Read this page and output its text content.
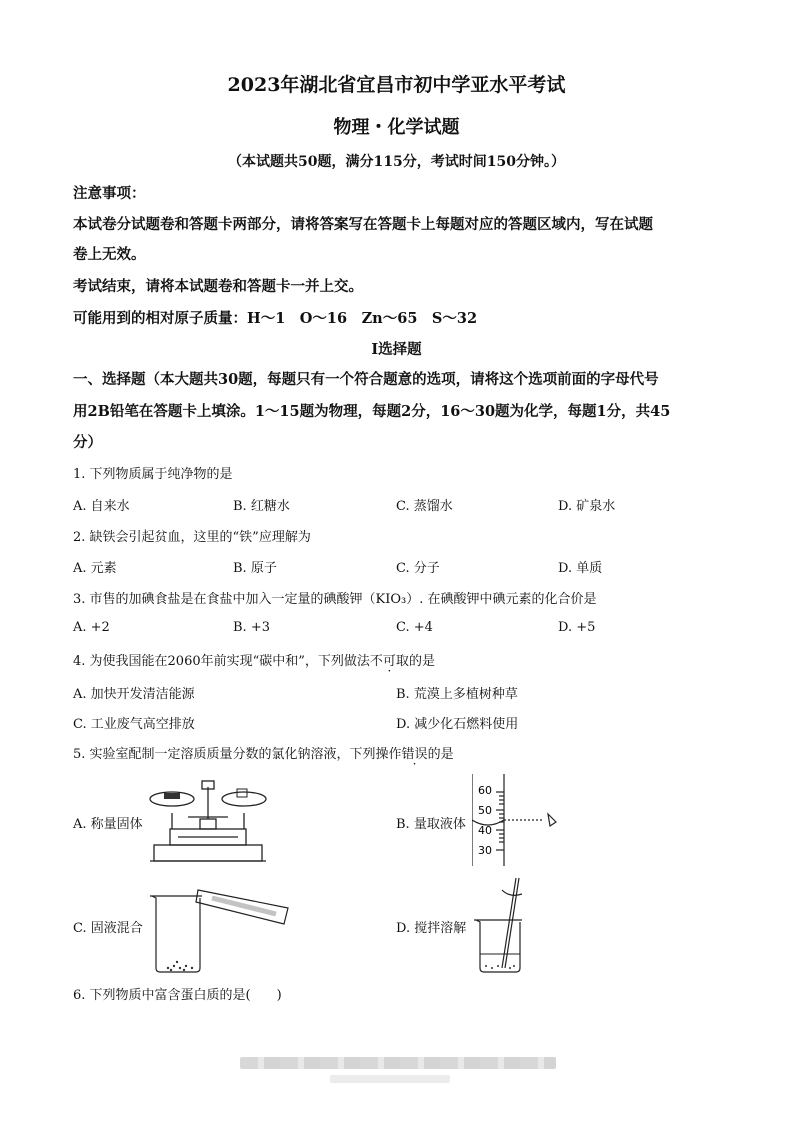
2023年湖北省宜昌市初中学亚水平考试
物理・化学试题
（本试题共50题，满分115分，考试时间150分钟。）
注意事项：
本试卷分试题卷和答题卡两部分，请将答案写在答题卡上每题对应的答题区域内，写在试题
卷上无效。
考试结束，请将本试题卷和答题卡一并上交。
可能用到的相对原子质量：H～1　O～16　Zn～65　S～32
Ⅰ选择题
一、选择题（本大题共30题，每题只有一个符合题意的选项，请将这个选项前面的字母代号
用2B铅笔在答题卡上填涂。1～15题为物理，每题2分，16～30题为化学，每题1分，共45
分）
1. 下列物质属于纯净物的是
A. 自来水	B. 红糖水	C. 蒸馏水	D. 矿泉水
2. 缺铁会引起贫血，这里的“铁”应理解为
A. 元素	B. 原子	C. 分子	D. 单质
3. 市售的加碘食盐是在食盐中加入一定量的碘酸钾（KIO₃）. 在碘酸钾中碘元素的化合价是
A. +2	B. +3	C. +4	D. +5
4. 为使我国能在2060年前实现“碳中和”，下列做法不可取的是
A. 加快开发清洁能源	B. 荒漠上多植树种草
C. 工业废气高空排放	D. 减少化石燃料使用
5. 实验室配制一定溶质质量分数的氯化钠溶液，下列操作错误的是
A. 称量固体	B. 量取液体
60
50
40
30
C. 固液混合	D. 搅拌溶解
6. 下列物质中富含蛋白质的是(　　)
